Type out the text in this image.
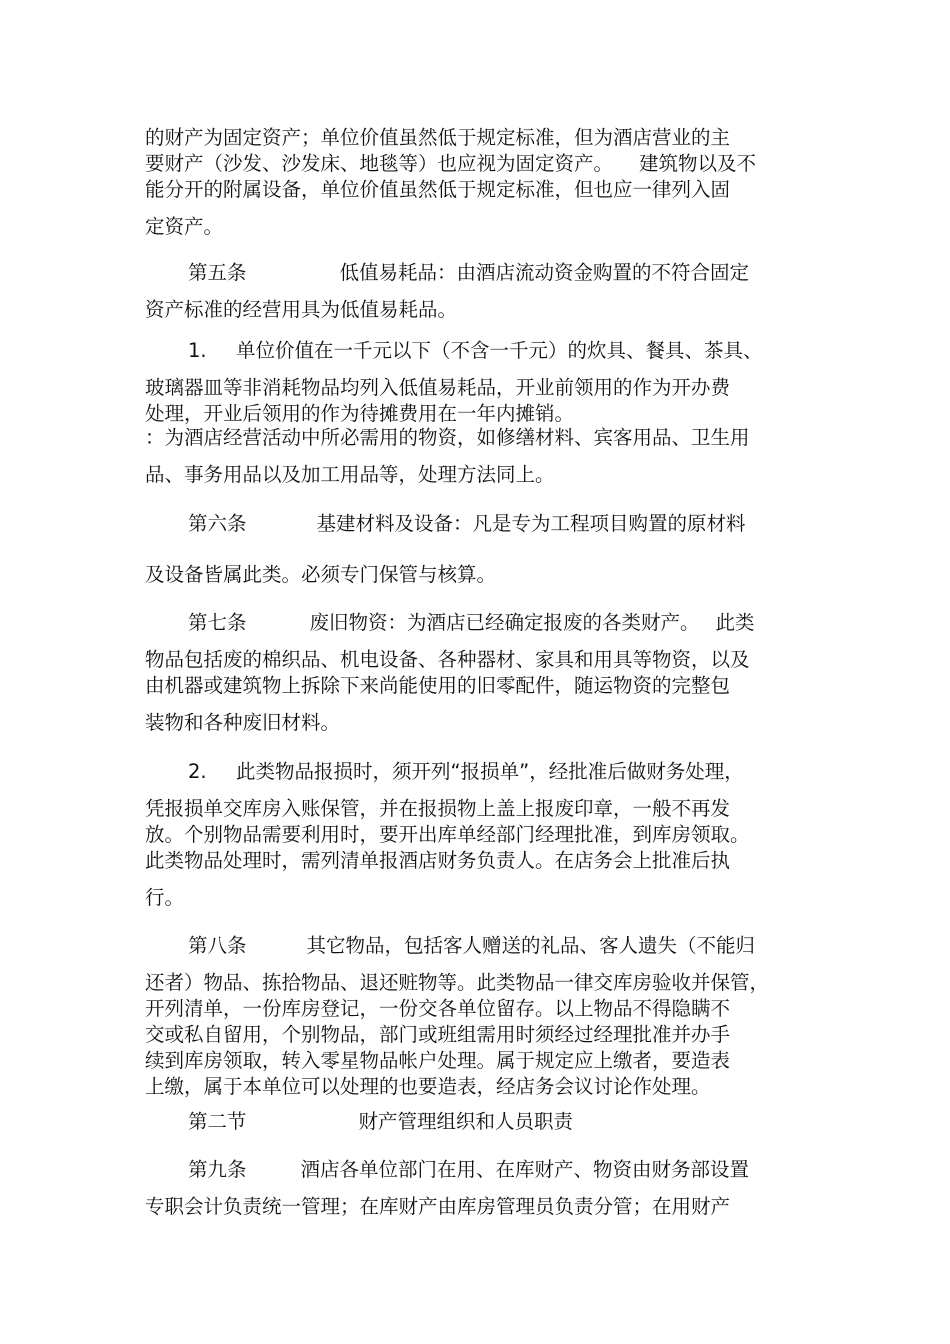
的财产为固定资产；单位价值虽然低于规定标准，但为酒店营业的主
要财产（沙发、沙发床、地毯等）也应视为固定资产。 建筑物以及不
能分开的附属设备，单位价值虽然低于规定标准，但也应一律列入固
定资产。
第五条	低值易耗品：由酒店流动资金购置的不符合固定
资产标准的经营用具为低值易耗品。
1. 单位价值在一千元以下（不含一千元）的炊具、餐具、茶具、
玻璃器皿等非消耗物品均列入低值易耗品，开业前领用的作为开办费
处理，开业后领用的作为待摊费用在一年内摊销。
：为酒店经营活动中所必需用的物资，如修缮材料、宾客用品、卫生用
品、事务用品以及加工用品等，处理方法同上。
第六条	基建材料及设备：凡是专为工程项目购置的原材料
及设备皆属此类。必须专门保管与核算。
第七条	废旧物资：为酒店已经确定报废的各类财产。 此类
物品包括废的棉织品、机电设备、各种器材、家具和用具等物资，以及
由机器或建筑物上拆除下来尚能使用的旧零配件，随运物资的完整包
装物和各种废旧材料。
2. 此类物品报损时，须开列“报损单”，经批准后做财务处理，
凭报损单交库房入账保管，并在报损物上盖上报废印章，一般不再发
放。个别物品需要利用时，要开出库单经部门经理批准，到库房领取。
此类物品处理时，需列清单报酒店财务负责人。在店务会上批准后执
行。
第八条	其它物品，包括客人赠送的礼品、客人遗失（不能归
还者）物品、拣拾物品、退还赃物等。此类物品一律交库房验收并保管，
开列清单，一份库房登记，一份交各单位留存。以上物品不得隐瞒不
交或私自留用，个别物品，部门或班组需用时须经过经理批准并办手
续到库房领取，转入零星物品帐户处理。属于规定应上缴者，要造表
上缴，属于本单位可以处理的也要造表，经店务会议讨论作处理。
第二节	财产管理组织和人员职责
第九条	酒店各单位部门在用、在库财产、物资由财务部设置
专职会计负责统一管理；在库财产由库房管理员负责分管；在用财产
